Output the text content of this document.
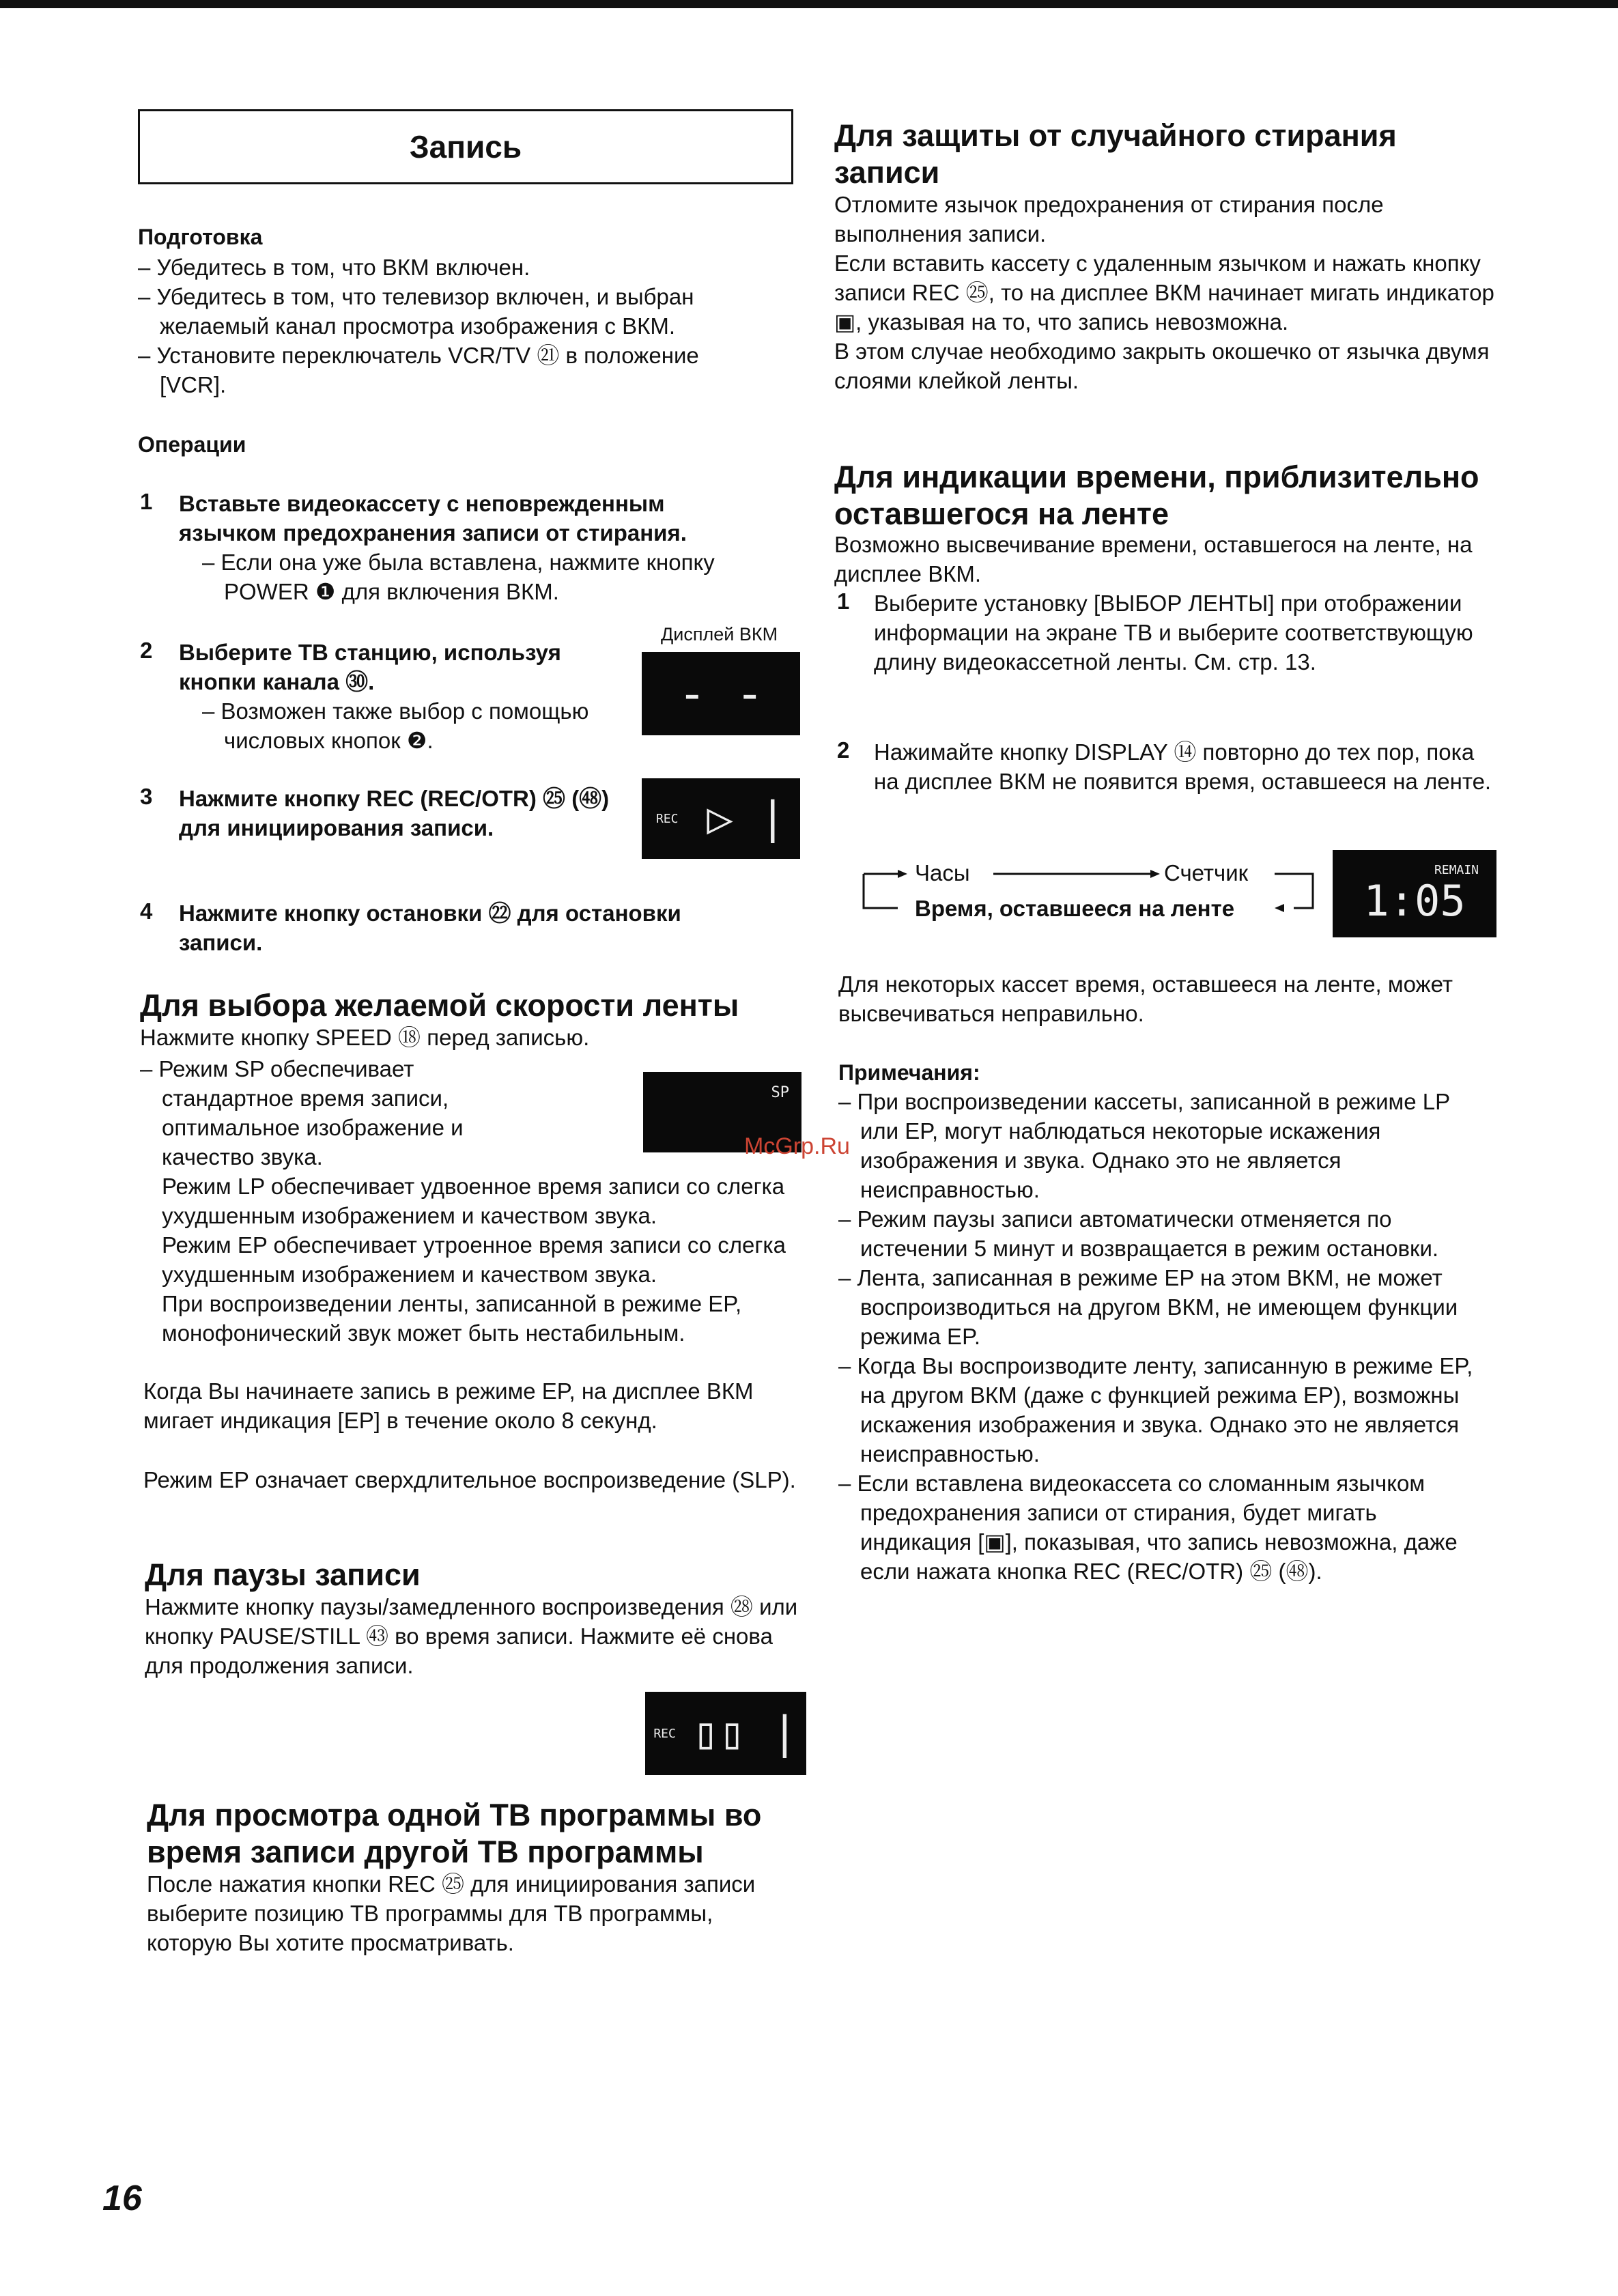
Запись
Подготовка

– Убедитесь в том, что ВКМ включен.

– Убедитесь в том, что телевизор включен, и выбран желаемый канал просмотра изображения с ВКМ.

– Установите переключатель VCR/TV ㉑ в положение [VCR].

Операции
1 Вставьте видеокассету с неповрежденным язычком предохранения записи от стирания.

– Если она уже была вставлена, нажмите кнопку POWER ❶ для включения ВКМ.

Дисплей ВКМ
2 Выберите ТВ станцию, используя кнопки канала ㉚.

– Возможен также выбор с помощью числовых кнопок ❷.

- -
3 Нажмите кнопку REC (REC/OTR) ㉕ (㊽) для инициирования записи.	REC ▷ |
4 Нажмите кнопку остановки ㉒ для остановки записи.
Для выбора желаемой скорости ленты
Нажмите кнопку SPEED ⑱ перед записью.

– Режим SP обеспечивает стандартное время записи, оптимальное изображение и качество звука.

SP

Режим LP обеспечивает удвоенное время записи со слегка ухудшенным изображением и качеством звука.

Режим EP обеспечивает утроенное время записи со слегка ухудшенным изображением и качеством звука.

При воспроизведении ленты, записанной в режиме EP, монофонический звук может быть нестабильным.

Когда Вы начинаете запись в режиме EP, на дисплее ВКМ мигает индикация [EP] в течение около 8 секунд.
Режим EP означает сверхдлительное воспроизведение (SLP).
Для паузы записи
Нажмите кнопку паузы/замедленного воспроизведения ㉘ или кнопку PAUSE/STILL ㊸ во время записи. Нажмите её снова для продолжения записи.
REC ▯▯ |
Для просмотра одной ТВ программы во время записи другой ТВ программы
После нажатия кнопки REC ㉕ для инициирования записи выберите позицию ТВ программы для ТВ программы, которую Вы хотите просматривать.
Для защиты от случайного стирания записи

Отломите язычок предохранения от стирания после выполнения записи.

Если вставить кассету с удаленным язычком и нажать кнопку записи REC ㉕, то на дисплее ВКМ начинает мигать индикатор ▣, указывая на то, что запись невозможна.

В этом случае необходимо закрыть окошечко от язычка двумя слоями клейкой ленты.

Для индикации времени, приблизительно оставшегося на ленте
Возможно высвечивание времени, оставшегося на ленте, на дисплее ВКМ.
1 Выберите установку [ВЫБОР ЛЕНТЫ] при отображении информации на экране ТВ и выберите соответствующую длину видеокассетной ленты. См. стр. 13.
2 Нажимайте кнопку DISPLAY ⑭ повторно до тех пор, пока на дисплее ВКМ не появится время, оставшееся на ленте.
Часы	Счетчик
Время, оставшееся на ленте
REMAIN
1:05
Для некоторых кассет время, оставшееся на ленте, может высвечиваться неправильно.
Примечания:

– При воспроизведении кассеты, записанной в режиме LP или EP, могут наблюдаться некоторые искажения изображения и звука. Однако это не является неисправностью.

– Режим паузы записи автоматически отменяется по истечении 5 минут и возвращается в режим остановки.

– Лента, записанная в режиме EP на этом ВКМ, не может воспроизводиться на другом ВКМ, не имеющем функции режима EP.

– Когда Вы воспроизводите ленту, записанную в режиме EP, на другом ВКМ (даже с функцией режима EP), возможны искажения изображения и звука. Однако это не является неисправностью.

– Если вставлена видеокассета со сломанным язычком предохранения записи от стирания, будет мигать индикация [▣], показывая, что запись невозможна, даже если нажата кнопка REC (REC/OTR) ㉕ (㊽).

McGrp.Ru
16
